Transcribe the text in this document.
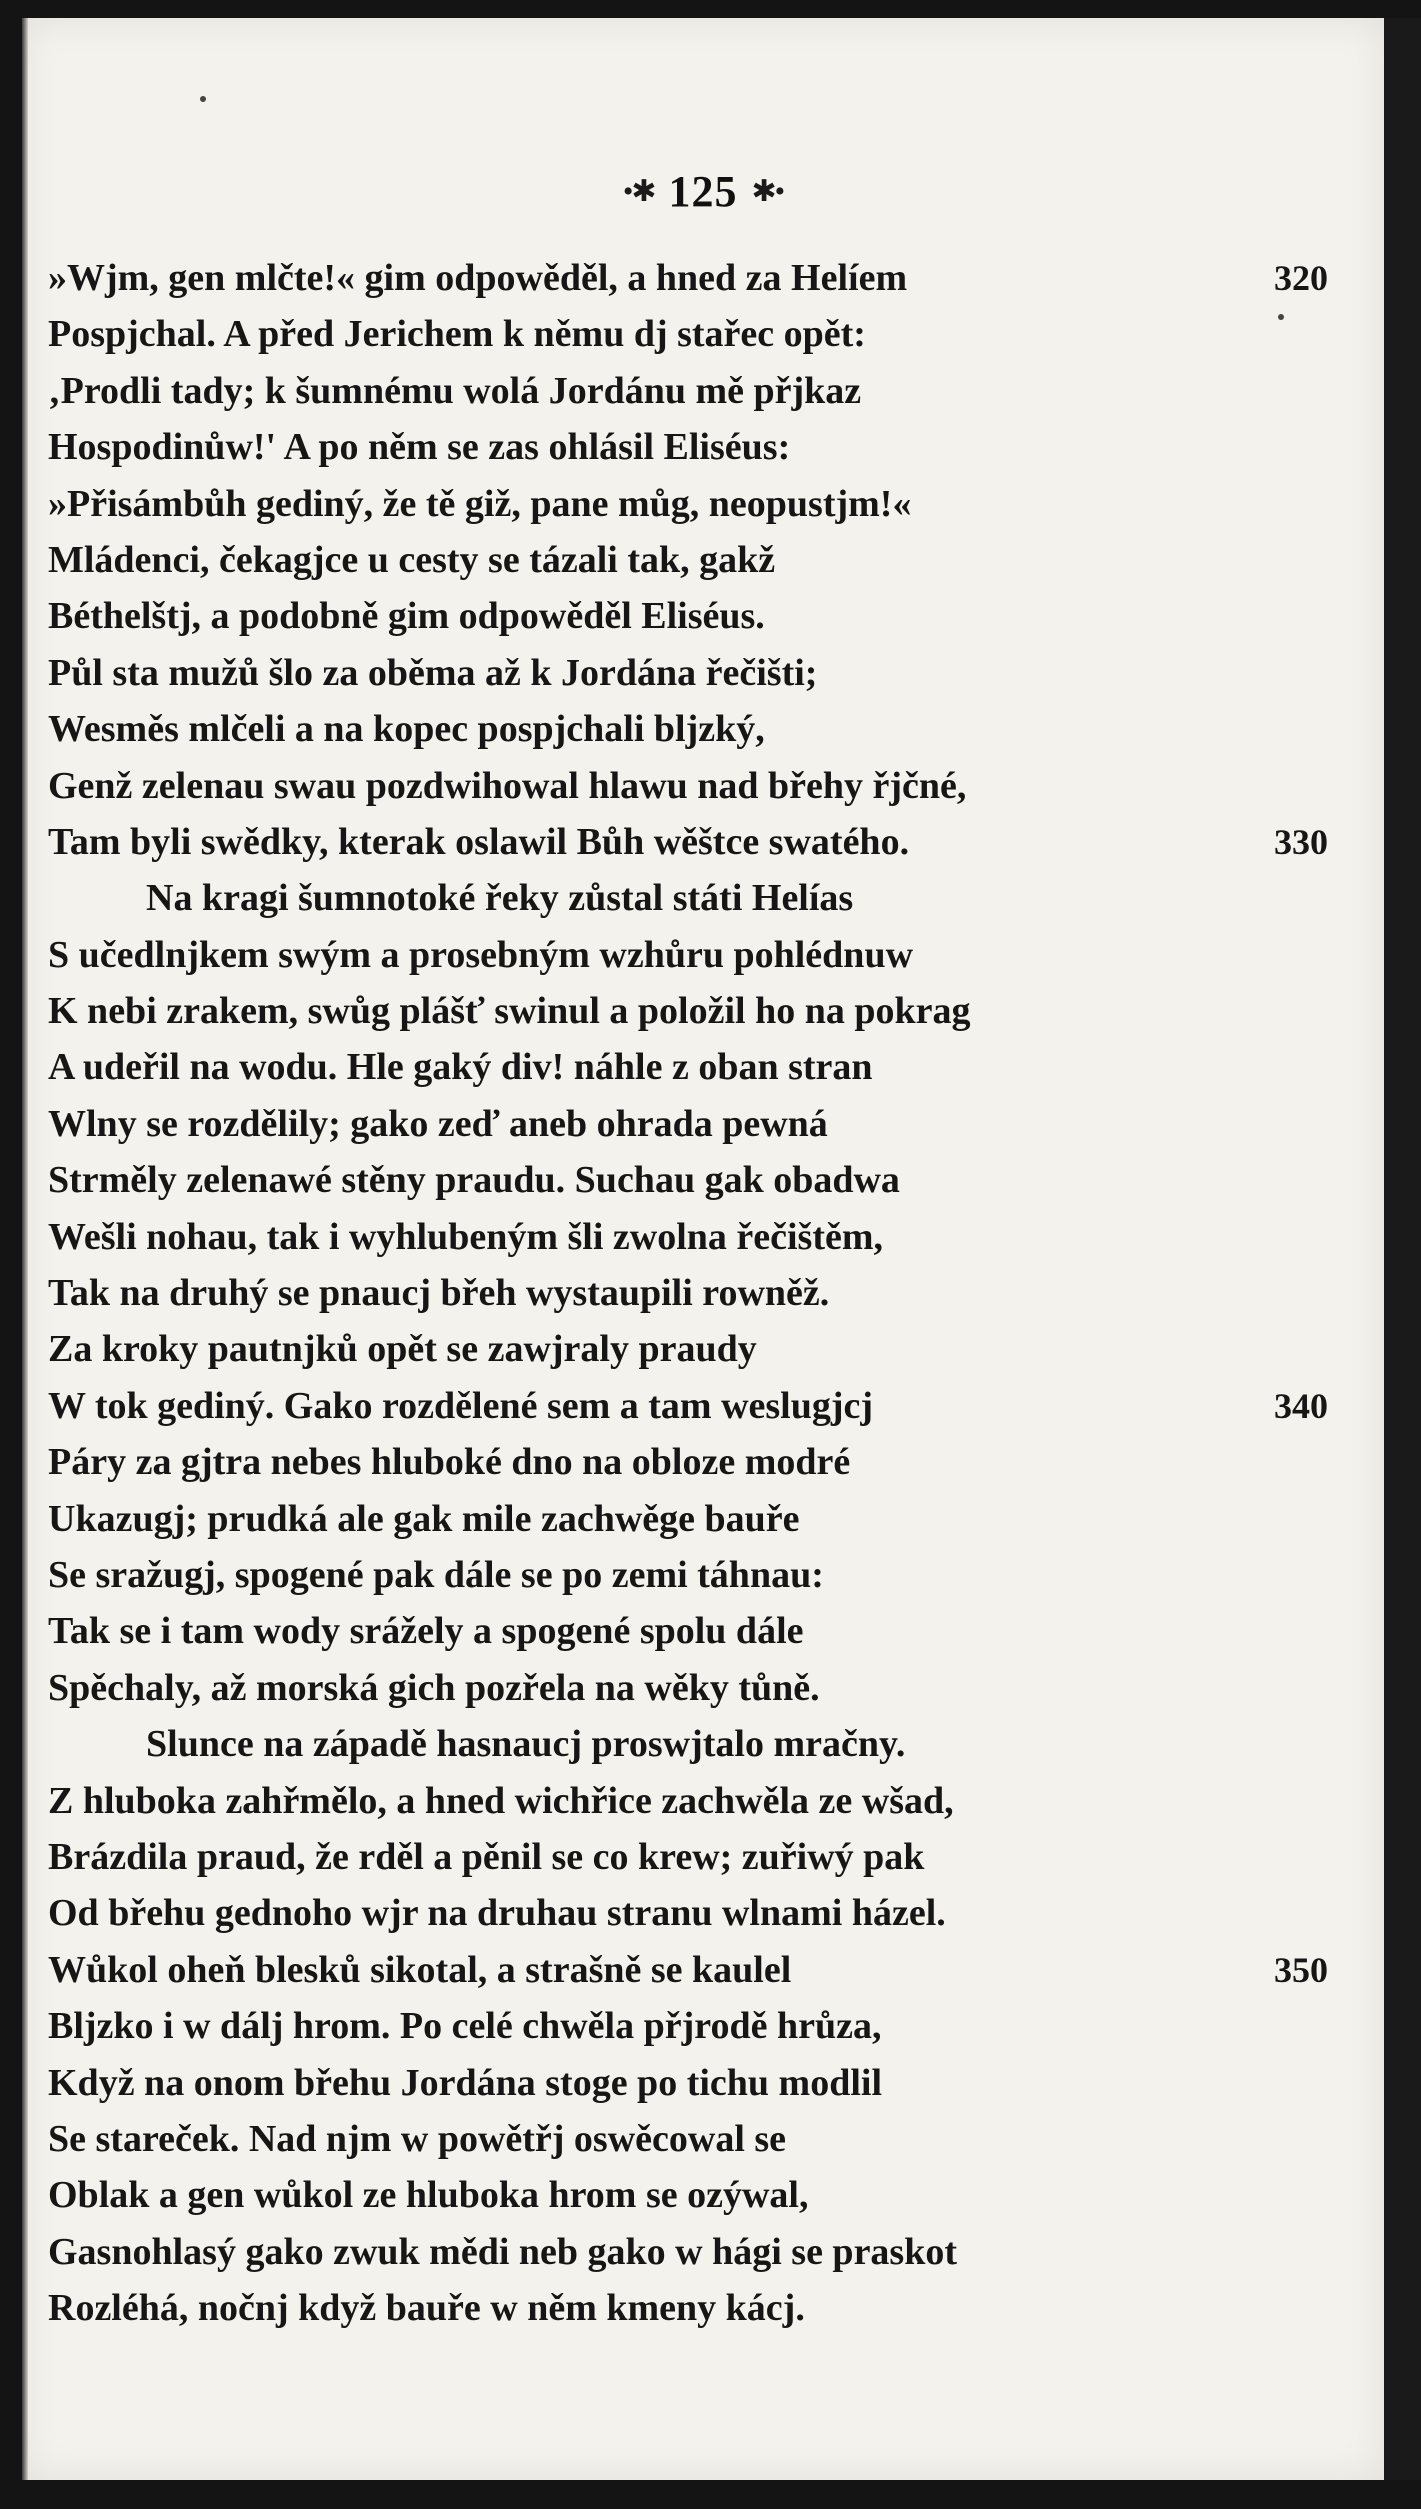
•✱ 125 ✱•
»Wjm, gen mlčte!« gim odpowěděl, a hned za Helíem	320
Pospjchal. A před Jerichem k němu dj stařec opět:
‚Prodli tady; k šumnému wolá Jordánu mě přjkaz
Hospodinůw!' A po něm se zas ohlásil Eliséus:
»Přisámbůh gediný, že tě giž, pane můg, neopustjm!«
Mládenci, čekagjce u cesty se tázali tak, gakž
Béthelštj, a podobně gim odpowěděl Eliséus.
Půl sta mužů šlo za oběma až k Jordána řečišti;
Wesměs mlčeli a na kopec pospjchali bljzký,
Genž zelenau swau pozdwihowal hlawu nad břehy řjčné,
Tam byli swědky, kterak oslawil Bůh wěštce swatého.	330
Na kragi šumnotoké řeky zůstal státi Helías
S učedlnjkem swým a prosebným wzhůru pohlédnuw
K nebi zrakem, swůg plášť swinul a položil ho na pokrag
A udeřil na wodu. Hle gaký div! náhle z oban stran
Wlny se rozdělily; gako zeď aneb ohrada pewná
Strměly zelenawé stěny praudu. Suchau gak obadwa
Wešli nohau, tak i wyhlubeným šli zwolna řečištěm,
Tak na druhý se pnaucj břeh wystaupili rowněž.
Za kroky pautnjků opět se zawjraly praudy
W tok gediný. Gako rozdělené sem a tam weslugjcj	340
Páry za gjtra nebes hluboké dno na obloze modré
Ukazugj; prudká ale gak mile zachwěge bauře
Se sražugj, spogené pak dále se po zemi táhnau:
Tak se i tam wody srážely a spogené spolu dále
Spěchaly, až morská gich pozřela na wěky tůně.
Slunce na západě hasnaucj proswjtalo mračny.
Z hluboka zahřmělo, a hned wichřice zachwěla ze wšad,
Brázdila praud, že rděl a pěnil se co krew; zuřiwý pak
Od břehu gednoho wjr na druhau stranu wlnami házel.
Wůkol oheň blesků sikotal, a strašně se kaulel	350
Bljzko i w dálj hrom. Po celé chwěla přjrodě hrůza,
Když na onom břehu Jordána stoge po tichu modlil
Se stareček. Nad njm w powětřj oswěcowal se
Oblak a gen wůkol ze hluboka hrom se ozýwal,
Gasnohlasý gako zwuk mědi neb gako w hági se praskot
Rozléhá, nočnj když bauře w něm kmeny kácj.
